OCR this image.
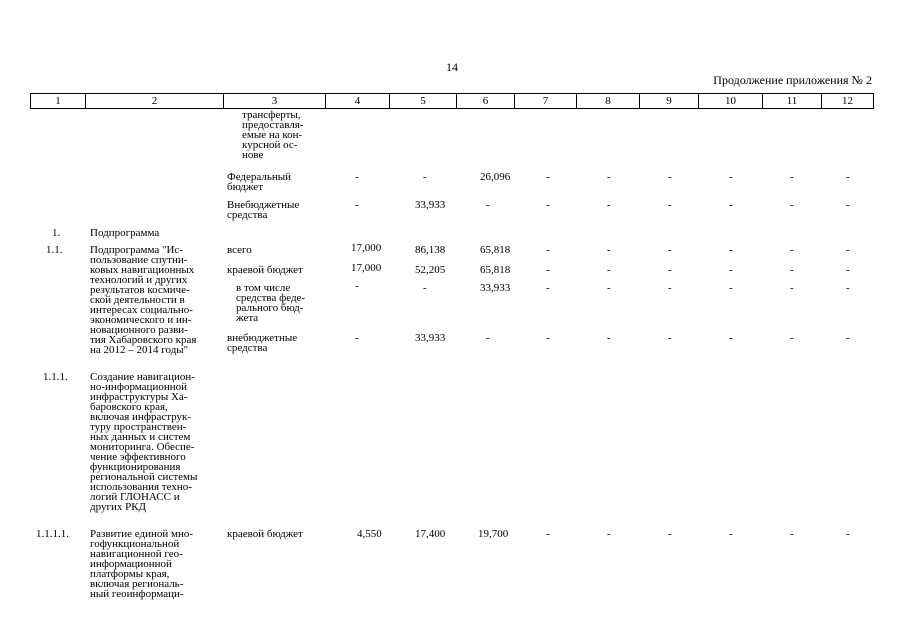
14
Продолжение приложения № 2
1	2	3	4	5	6	7	8	9	10	11	12
трансферты,
предоставля-
емые на кон-
курсной ос-
нове
Федеральный
бюджет
-	-	26,096	-	-	-	-	-	-
Внебюджетные
средства
-	33,933	-	-	-	-	-	-	-
1.	Подпрограмма
1.1.	Подпрограмма "Ис-
пользование спутни-
ковых навигационных
технологий и других
результатов космиче-
ской деятельности в
интересах социально-
экономического и ин-
новационного разви-
тия Хабаровского края
на 2012 – 2014 годы"
всего	17,000	86,138	65,818	-	-	-	-	-	-
краевой бюджет	17,000	52,205	65,818	-	-	-	-	-	-
в том числе
средства феде-
рального бюд-
жета
-	-	33,933	-	-	-	-	-	-
внебюджетные
средства
-	33,933	-	-	-	-	-	-	-
1.1.1. Создание навигацион-
но-информационной
инфраструктуры Ха-
баровского края,
включая инфраструк-
туру пространствен-
ных данных и систем
мониторинга. Обеспе-
чение эффективного
функционирования
региональной системы
использования техно-
логий ГЛОНАСС и
других РКД
1.1.1.1. Развитие единой мно-
гофункциональной
навигационной гео-
информационной
платформы края,
включая региональ-
ный геоинформаци-
краевой бюджет	4,550	17,400	19,700	-	-	-	-	-	-
